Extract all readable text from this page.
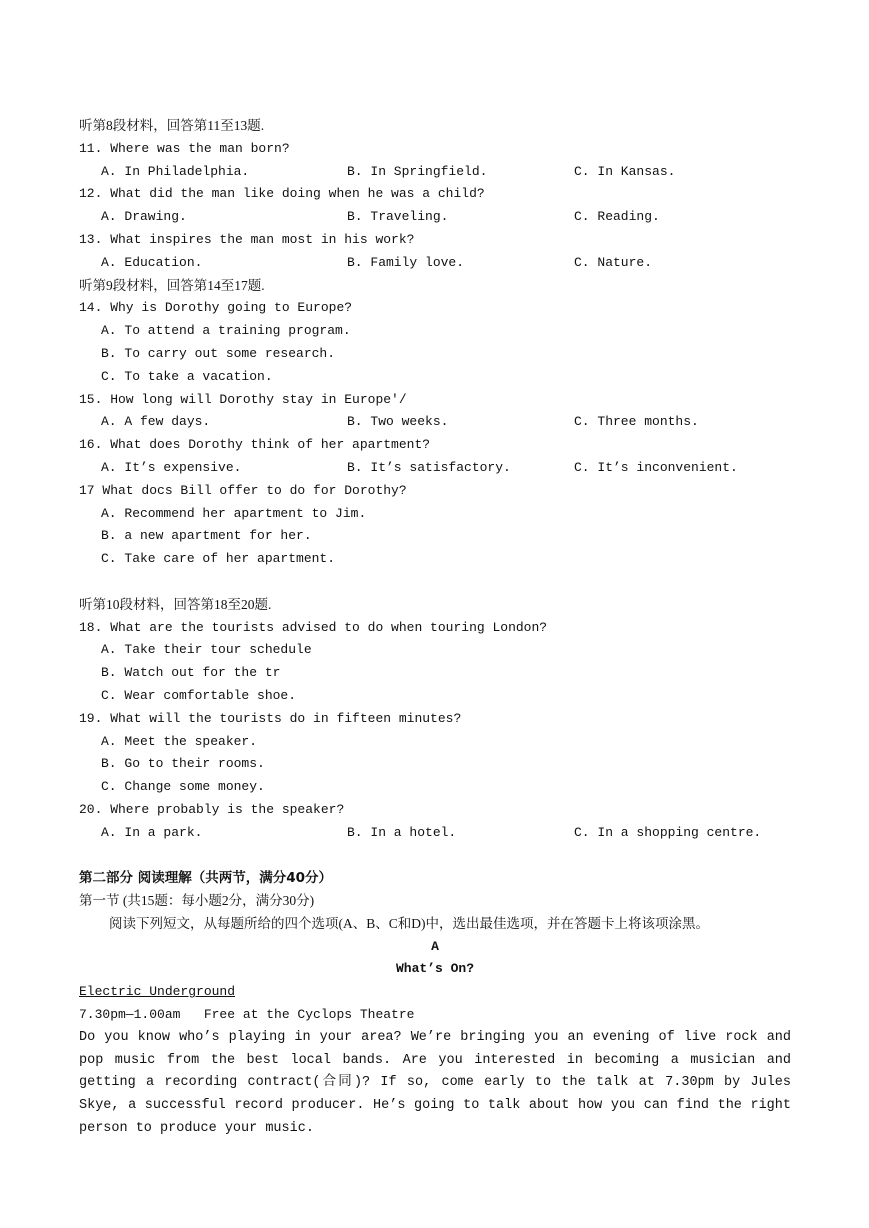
听第8段材料，回答第11至13题.
11. Where was the man born?
A. In Philadelphia.	B. In Springfield.	C. In Kansas.
12. What did the man like doing when he was a child?
A. Drawing.	B. Traveling.	C. Reading.
13. What inspires the man most in his work?
A. Education.	B. Family love.	C. Nature.
听第9段材料，回答第14至17题.
14. Why is Dorothy going to Europe?
A. To attend a training program.
B. To carry out some research.
C. To take a vacation.
15. How long will Dorothy stay in Europe'/
A. A few days.	B. Two weeks.	C. Three months.
16. What does Dorothy think of her apartment?
A. It’s expensive.	B. It’s satisfactory.	C. It’s inconvenient.
17 What docs Bill offer to do for Dorothy?
A. Recommend her apartment to Jim.
B. a new apartment for her.
C. Take care of her apartment.
听第10段材料，回答第18至20题.
18. What are the tourists advised to do when touring London?
A. Take their tour schedule
B. Watch out for the tr
C. Wear comfortable shoe.
19. What will the tourists do in fifteen minutes?
A. Meet the speaker.
B. Go to their rooms.
C. Change some money.
20. Where probably is the speaker?
A. In a park.	B. In a hotel.	C. In a shopping centre.
第二部分 阅读理解（共两节，满分40分）
第一节 (共15题：每小题2分，满分30分)
阅读下列短文，从每题所给的四个选项(A、B、C和D)中，选出最佳选项，并在答题卡上将该项涂黑。
A
What’s On?
Electric Underground
7.30pm—1.00am   Free at the Cyclops Theatre
Do you know who’s playing in your area? We’re bringing you an evening of live rock and pop music from the best local bands. Are you interested in becoming a musician and getting a recording contract(合同)? If so, come early to the talk at 7.30pm by Jules Skye, a successful record producer. He’s going to talk about how you can find the right person to produce your music.
